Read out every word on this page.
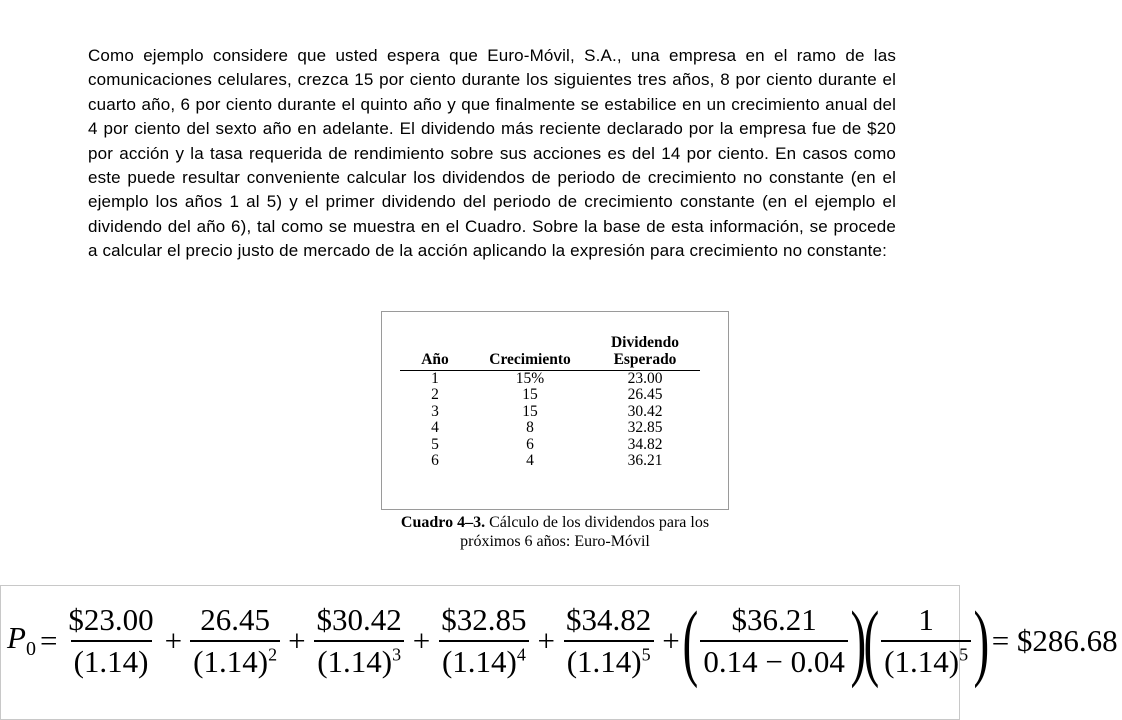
Como ejemplo considere que usted espera que Euro-Móvil, S.A., una empresa en el ramo de las comunicaciones celulares, crezca 15 por ciento durante los siguientes tres años, 8 por ciento durante el cuarto año, 6 por ciento durante el quinto año y que finalmente se estabilice en un crecimiento anual del 4 por ciento del sexto año en adelante. El dividendo más reciente declarado por la empresa fue de $20 por acción y la tasa requerida de rendimiento sobre sus acciones es del 14 por ciento. En casos como este puede resultar conveniente calcular los dividendos de periodo de crecimiento no constante (en el ejemplo los años 1 al 5) y el primer dividendo del periodo de crecimiento constante (en el ejemplo el dividendo del año 6), tal como se muestra en el Cuadro. Sobre la base de esta información, se procede a calcular el precio justo de mercado de la acción aplicando la expresión para crecimiento no constante:
Año	Crecimiento	Dividendo
Esperado
1	15%	23.00
2	15	26.45
3	15	30.42
4	8	32.85
5	6	34.82
6	4	36.21
Cuadro 4–3. Cálculo de los dividendos para los
próximos 6 años: Euro-Móvil
$P_0 = \frac{\$23.00}{(1.14)} + \frac{26.45}{(1.14)^2} + \frac{\$30.42}{(1.14)^3} + \frac{\$32.85}{(1.14)^4} + \frac{\$34.82}{(1.14)^5}$ + ( $\frac{\$36.21}{0.14 - 0.04}$ )
( $\frac{1}{(1.14)^5}$ ) = $286.68
